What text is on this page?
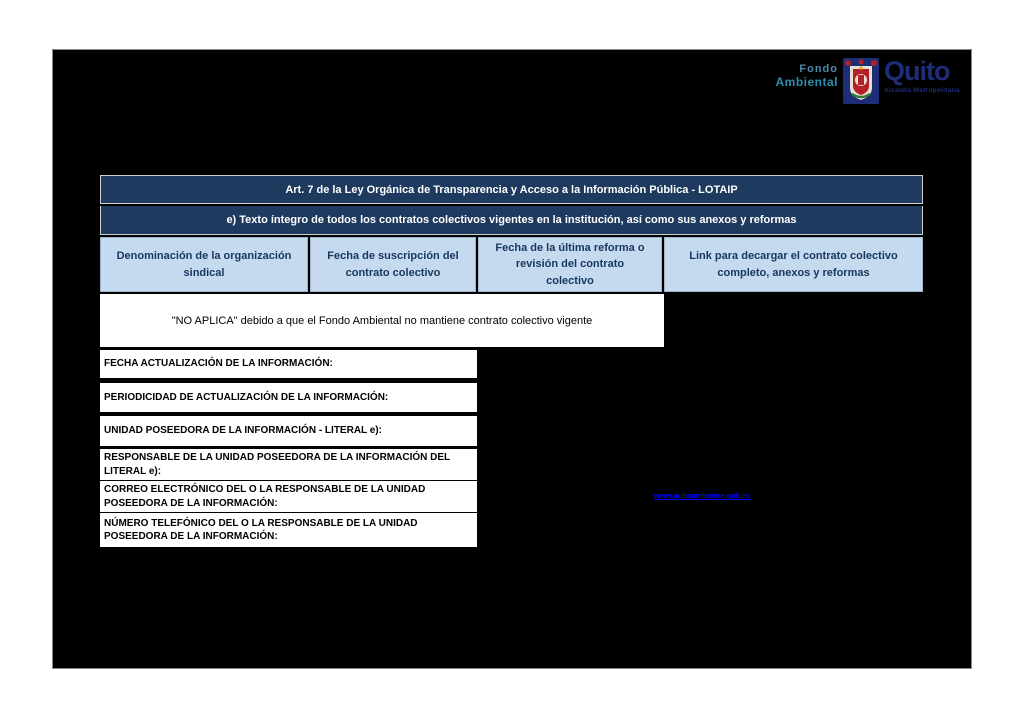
Fondo
Ambiental Quito
Alcaldía Metropolitana
Art. 7 de la Ley Orgánica de Transparencia y Acceso a la Información Pública - LOTAIP
e) Texto íntegro de todos los contratos colectivos vigentes en la institución, así como sus anexos y reformas
Denominación de la organización sindical
Fecha de suscripción del contrato colectivo
Fecha de la última reforma o revisión del contrato colectivo
Link para decargar el contrato colectivo completo, anexos y reformas
"NO APLICA" debido a que el Fondo Ambiental no mantiene contrato colectivo vigente
FECHA ACTUALIZACIÓN DE LA INFORMACIÓN:
PERIODICIDAD DE ACTUALIZACIÓN DE LA INFORMACIÓN:
UNIDAD POSEEDORA DE LA INFORMACIÓN - LITERAL e):
RESPONSABLE DE LA UNIDAD POSEEDORA DE LA INFORMACIÓN DEL LITERAL e):
CORREO ELECTRÓNICO DEL O LA RESPONSABLE DE LA UNIDAD POSEEDORA DE LA INFORMACIÓN:
NÚMERO TELEFÓNICO DEL O LA RESPONSABLE DE LA UNIDAD POSEEDORA DE LA INFORMACIÓN:
www.quitoambiente.gob.ec
